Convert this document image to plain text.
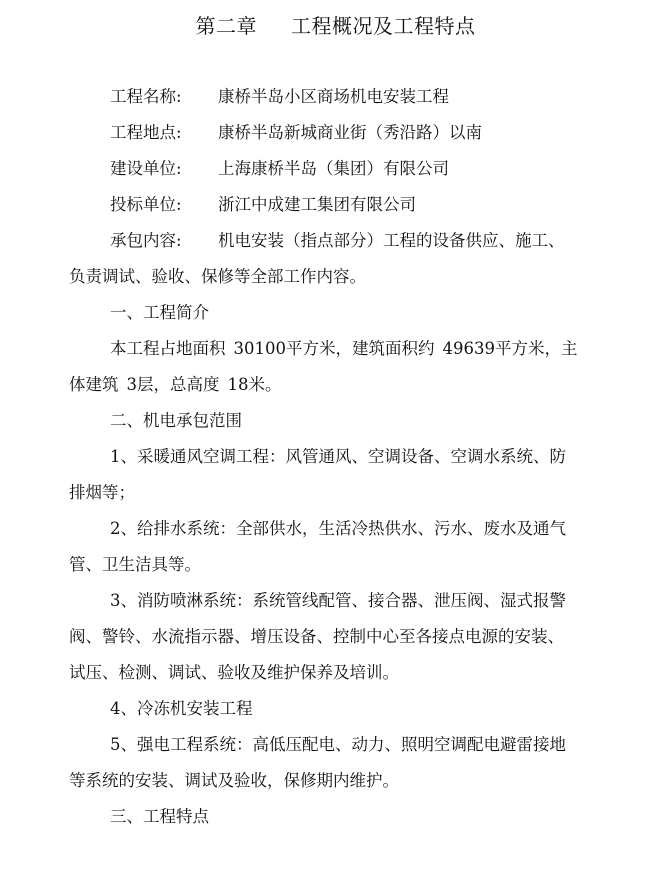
第二章 工程概况及工程特点
工程名称: 康桥半岛小区商场机电安装工程
工程地点: 康桥半岛新城商业街（秀沿路）以南
建设单位: 上海康桥半岛（集团）有限公司
投标单位: 浙江中成建工集团有限公司
承包内容: 机电安装（指点部分）工程的设备供应、施工、
负责调试、验收、保修等全部工作内容。
一、工程简介
本工程占地面积 30100平方米，建筑面积约 49639平方米，主
体建筑 3层，总高度 18米。
二、机电承包范围
1、采暖通风空调工程：风管通风、空调设备、空调水系统、防
排烟等；
2、给排水系统：全部供水，生活冷热供水、污水、废水及通气
管、卫生洁具等。
3、消防喷淋系统：系统管线配管、接合器、泄压阀、湿式报警
阀、警铃、水流指示器、增压设备、控制中心至各接点电源的安装、
试压、检测、调试、验收及维护保养及培训。
4、冷冻机安装工程
5、强电工程系统：高低压配电、动力、照明空调配电避雷接地
等系统的安装、调试及验收，保修期内维护。
三、工程特点
